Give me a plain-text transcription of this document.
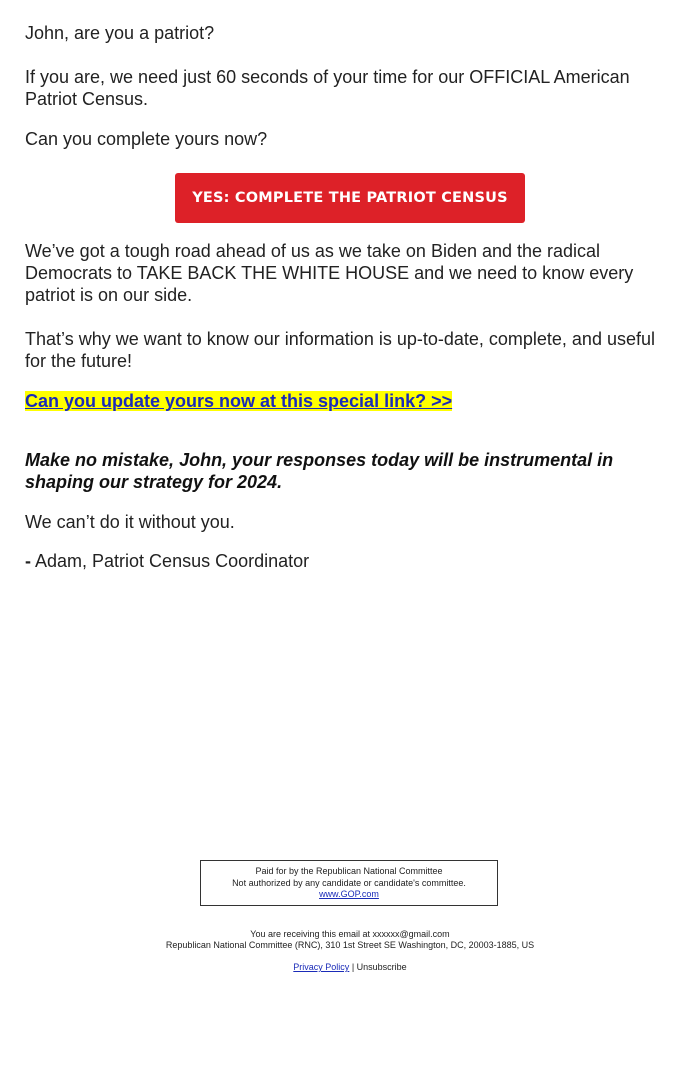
John, are you a patriot?

If you are, we need just 60 seconds of your time for our OFFICIAL American Patriot Census.

Can you complete yours now?

YES: COMPLETE THE PATRIOT CENSUS

We’ve got a tough road ahead of us as we take on Biden and the radical Democrats to TAKE BACK THE WHITE HOUSE and we need to know every patriot is on our side.

That’s why we want to know our information is up-to-date, complete, and useful for the future!

Can you update yours now at this special link? >>

Make no mistake, John, your responses today will be instrumental in shaping our strategy for 2024.

We can’t do it without you.

- Adam, Patriot Census Coordinator

Paid for by the Republican National Committee
Not authorized by any candidate or candidate's committee.
www.GOP.com
You are receiving this email at xxxxxx@gmail.com
Republican National Committee (RNC), 310 1st Street SE Washington, DC, 20003-1885, US
Privacy Policy | Unsubscribe
